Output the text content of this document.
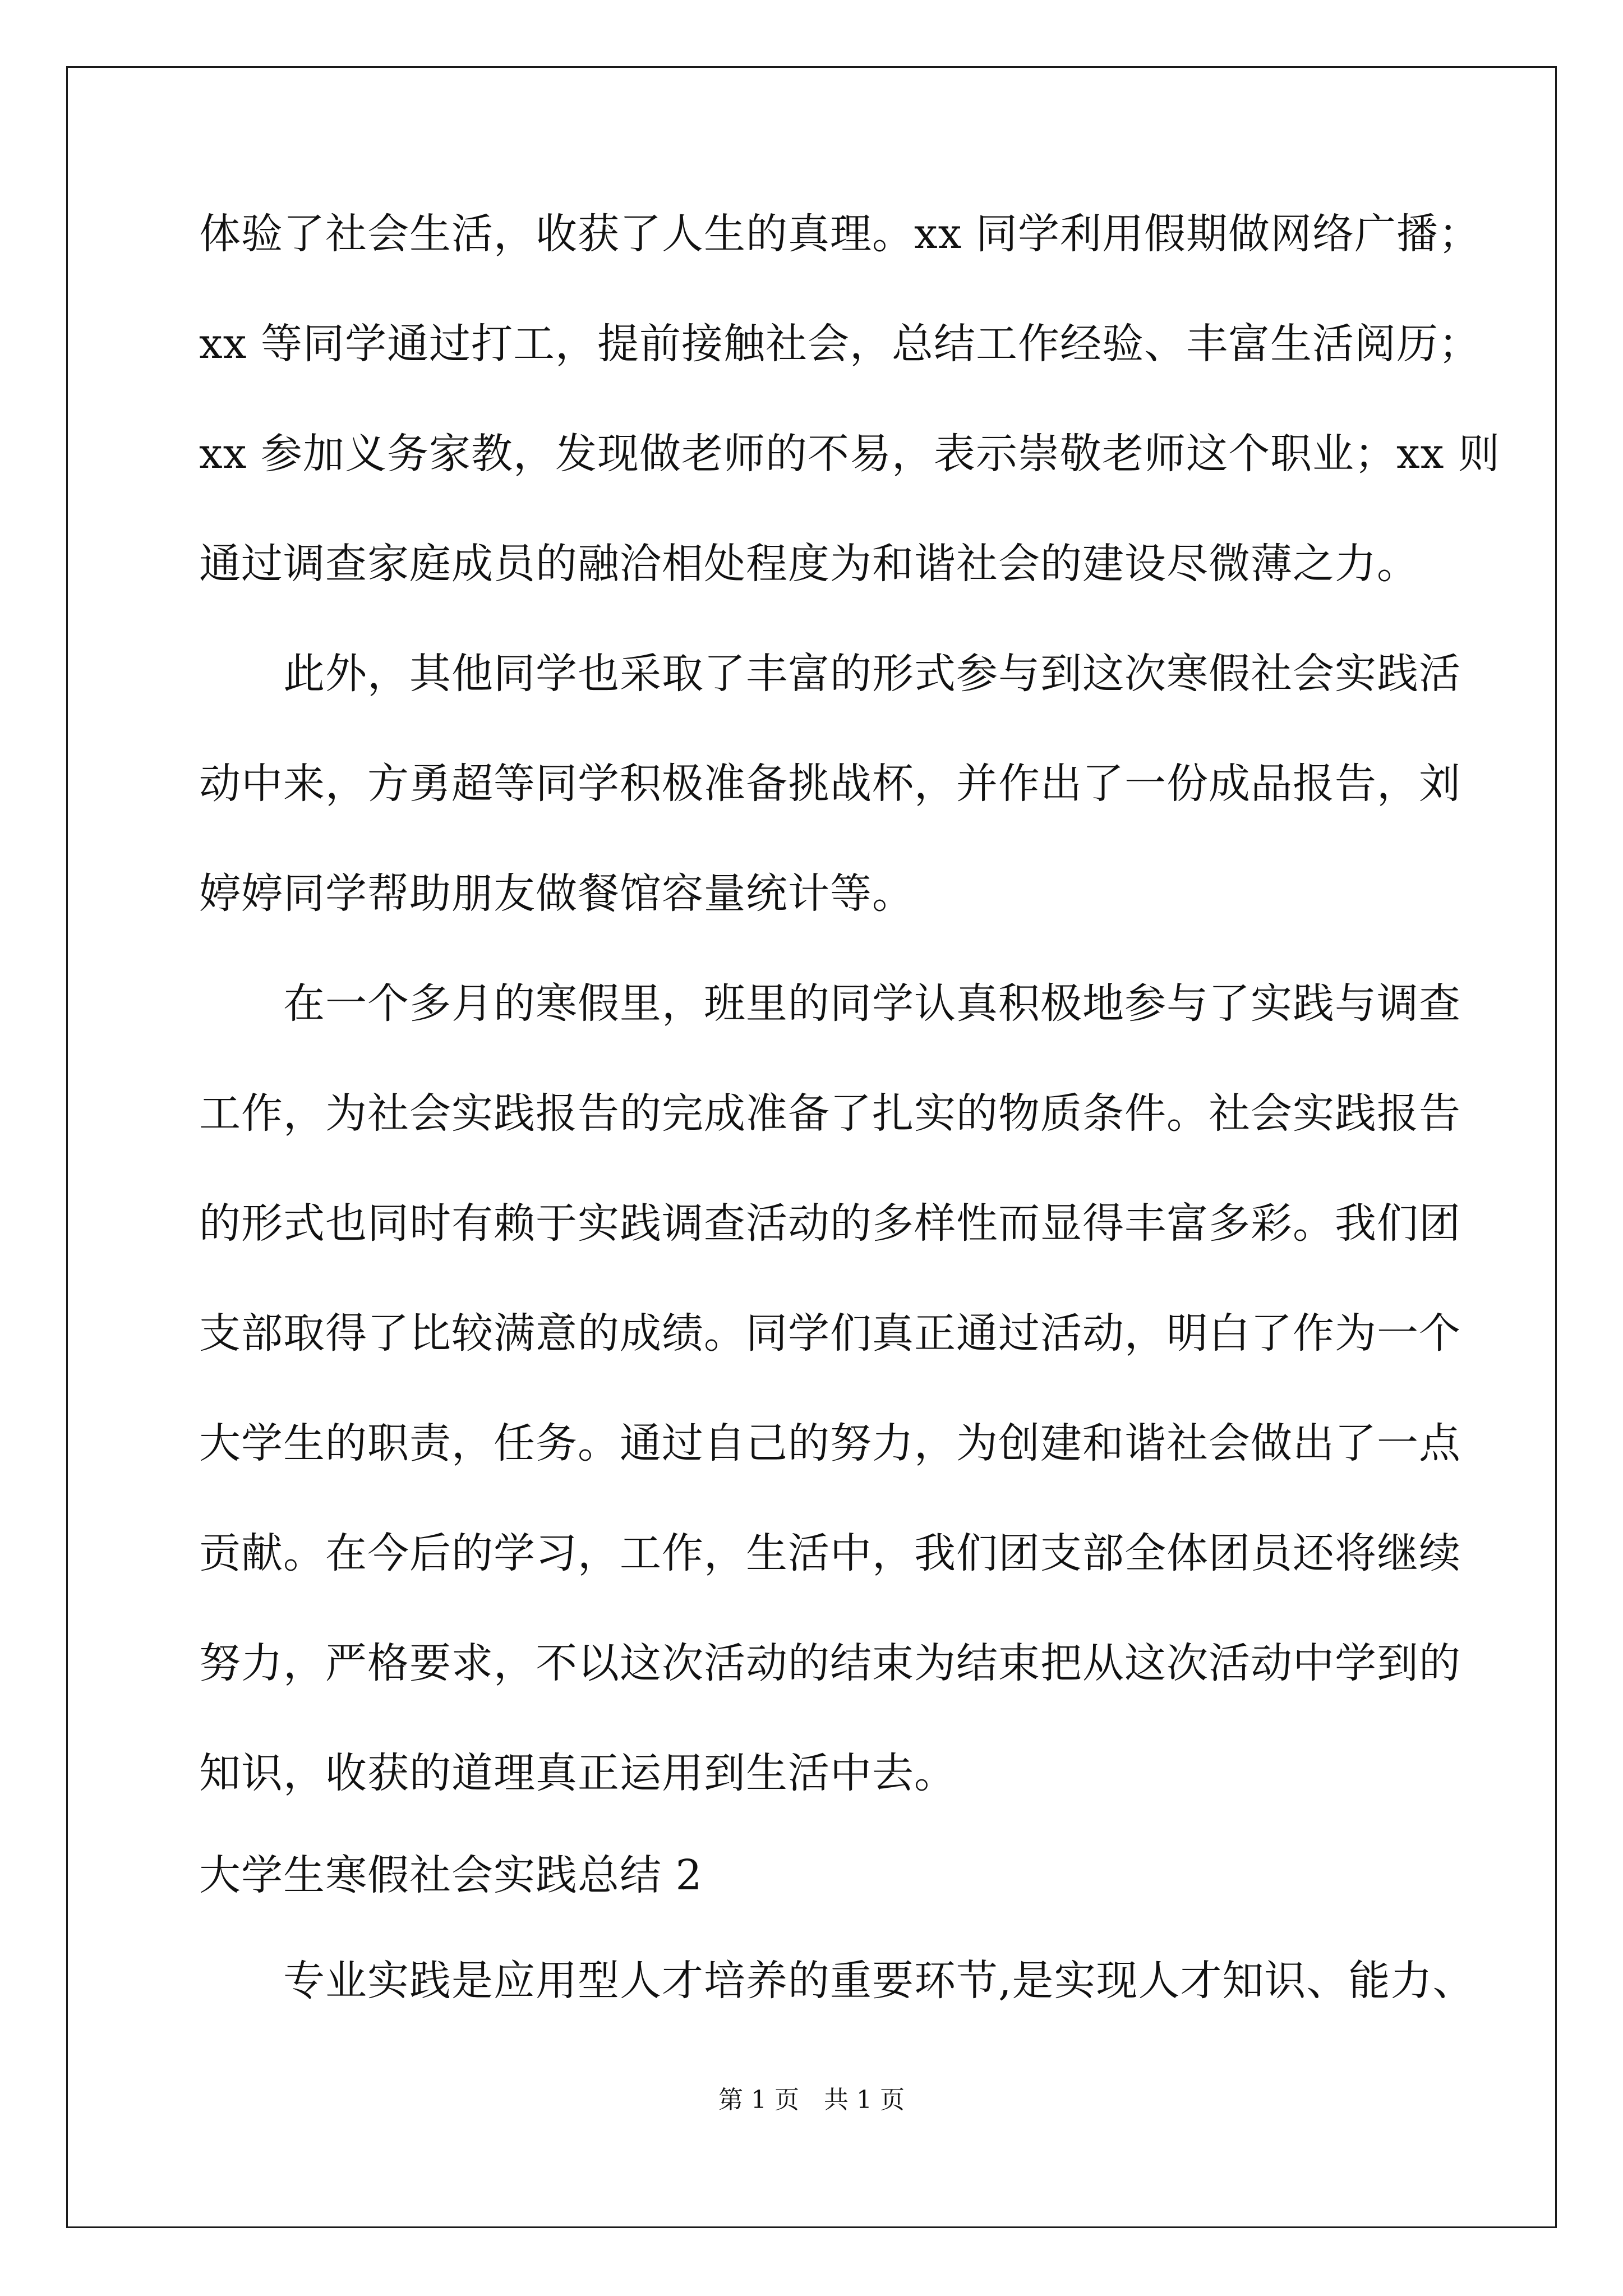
体验了社会生活，收获了人生的真理。xx 同学利用假期做网络广播；
xx 等同学通过打工，提前接触社会，总结工作经验、丰富生活阅历；
xx 参加义务家教，发现做老师的不易，表示崇敬老师这个职业；xx 则
通过调查家庭成员的融洽相处程度为和谐社会的建设尽微薄之力。
　　此外，其他同学也采取了丰富的形式参与到这次寒假社会实践活
动中来，方勇超等同学积极准备挑战杯，并作出了一份成品报告，刘
婷婷同学帮助朋友做餐馆容量统计等。
　　在一个多月的寒假里，班里的同学认真积极地参与了实践与调查
工作，为社会实践报告的完成准备了扎实的物质条件。社会实践报告
的形式也同时有赖于实践调查活动的多样性而显得丰富多彩。我们团
支部取得了比较满意的成绩。同学们真正通过活动，明白了作为一个
大学生的职责，任务。通过自己的努力，为创建和谐社会做出了一点
贡献。在今后的学习，工作，生活中，我们团支部全体团员还将继续
努力，严格要求，不以这次活动的结束为结束把从这次活动中学到的
知识，收获的道理真正运用到生活中去。
大学生寒假社会实践总结 2
　　专业实践是应用型人才培养的重要环节,是实现人才知识、能力、
第 1 页　共 1 页
